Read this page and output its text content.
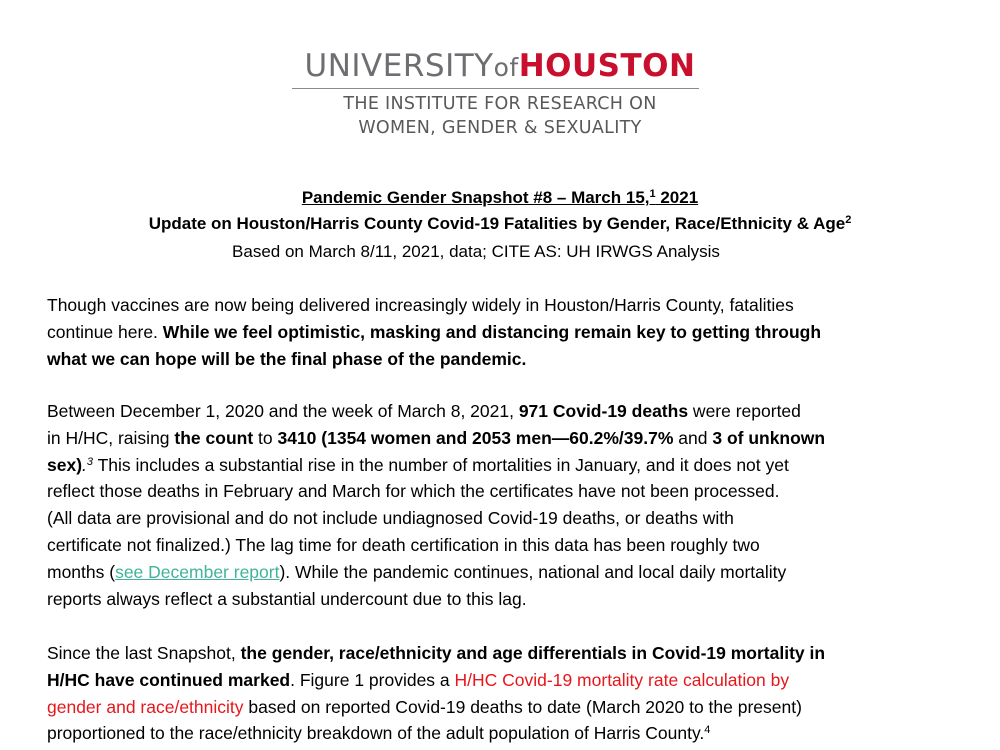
UNIVERSITYofHOUSTON
THE INSTITUTE FOR RESEARCH ON
WOMEN, GENDER & SEXUALITY
Pandemic Gender Snapshot #8 – March 15,$^1$ 2021
Update on Houston/Harris County Covid-19 Fatalities by Gender, Race/Ethnicity & Age$^2$
Based on March 8/11, 2021, data; CITE AS: UH IRWGS Analysis
Though vaccines are now being delivered increasingly widely in Houston/Harris County, fatalities
continue here. While we feel optimistic, masking and distancing remain key to getting through
what we can hope will be the final phase of the pandemic.
Between December 1, 2020 and the week of March 8, 2021, 971 Covid-19 deaths were reported
in H/HC, raising the count to 3410 (1354 women and 2053 men—60.2%/39.7% and 3 of unknown
sex).$^3$ This includes a substantial rise in the number of mortalities in January, and it does not yet
reflect those deaths in February and March for which the certificates have not been processed.
(All data are provisional and do not include undiagnosed Covid-19 deaths, or deaths with
certificate not finalized.) The lag time for death certification in this data has been roughly two
months (see December report). While the pandemic continues, national and local daily mortality
reports always reflect a substantial undercount due to this lag.
Since the last Snapshot, the gender, race/ethnicity and age differentials in Covid-19 mortality in
H/HC have continued marked. Figure 1 provides a H/HC Covid-19 mortality rate calculation by
gender and race/ethnicity based on reported Covid-19 deaths to date (March 2020 to the present)
proportioned to the race/ethnicity breakdown of the adult population of Harris County.$^4$
